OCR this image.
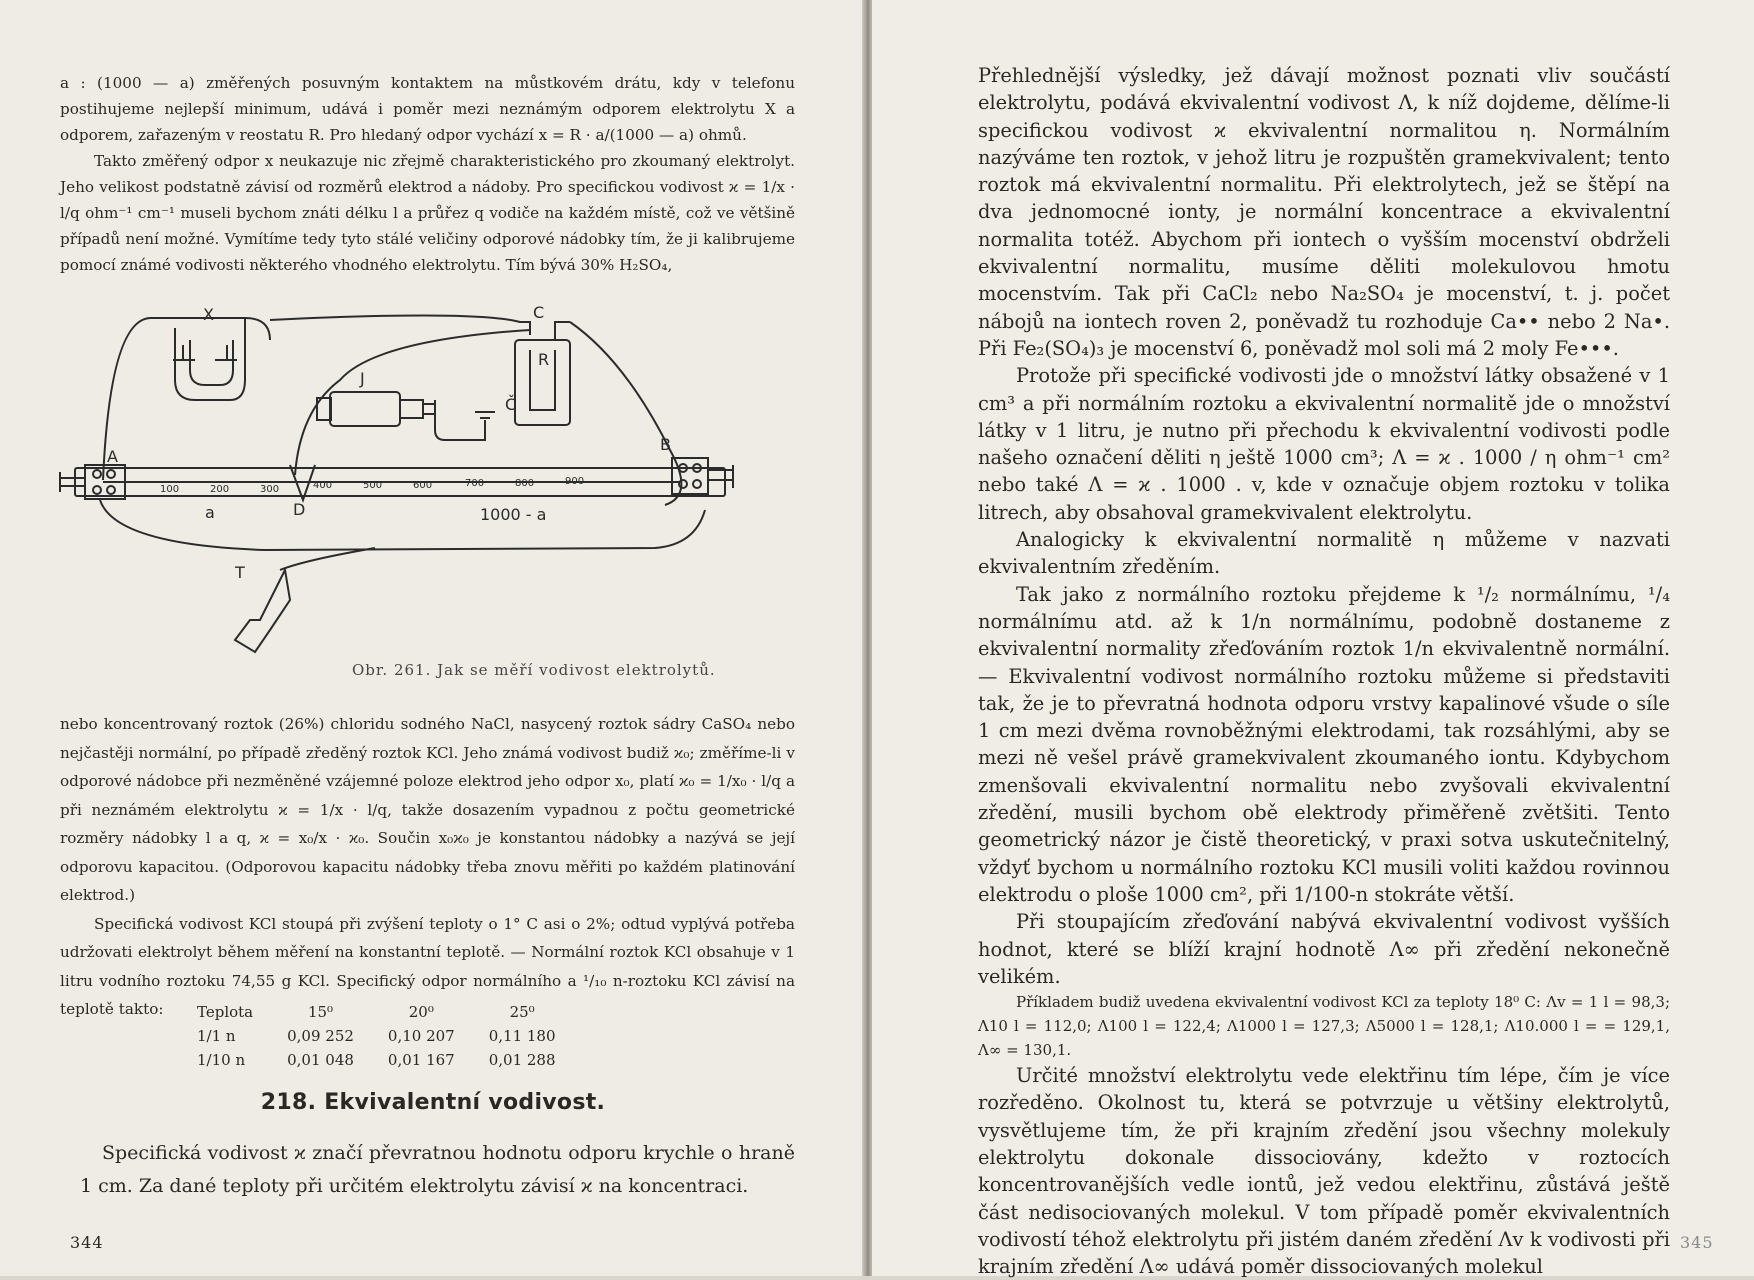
a : (1000 — a) změřených posuvným kontaktem na můstkovém drátu, kdy v telefonu postihujeme nejlepší minimum, udává i poměr mezi neznámým odporem elektrolytu X a odporem, zařazeným v reostatu R. Pro hledaný odpor vychází x = R · a/(1000 — a) ohmů.

Takto změřený odpor x neukazuje nic zřejmě charakteristického pro zkoumaný elektrolyt. Jeho velikost podstatně závisí od rozměrů elektrod a nádoby. Pro specifickou vodivost ϰ = 1/x · l/q ohm⁻¹ cm⁻¹ museli bychom znáti délku l a průřez q vodiče na každém místě, což ve většině případů není možné. Vymítíme tedy tyto stálé veličiny odporové nádobky tím, že ji kalibrujeme pomocí známé vodivosti některého vhodného elektrolytu. Tím bývá 30% H₂SO₄,

100	200	300	400	500	600	700	800	900
X	C
R
J
Č
A
B
D
T
a	1000 - a
Obr. 261. Jak se měří vodivost elektrolytů.

nebo koncentrovaný roztok (26%) chloridu sodného NaCl, nasycený roztok sádry CaSO₄ nebo nejčastěji normální, po případě zředěný roztok KCl. Jeho známá vodivost budiž ϰ₀; změříme-li v odporové nádobce při nezměněné vzájemné poloze elektrod jeho odpor x₀, platí ϰ₀ = 1/x₀ · l/q a při neznámém elektrolytu ϰ = 1/x · l/q, takže dosazením vypadnou z počtu geometrické rozměry nádobky l a q, ϰ = x₀/x · ϰ₀. Součin x₀ϰ₀ je konstantou nádobky a nazývá se její odporovu kapacitou. (Odporovou kapacitu nádobky třeba znovu měřiti po každém platinování elektrod.)

Specifická vodivost KCl stoupá při zvýšení teploty o 1° C asi o 2%; odtud vyplývá potřeba udržovati elektrolyt během měření na konstantní teplotě. — Normální roztok KCl obsahuje v 1 litru vodního roztoku 74,55 g KCl. Specifický odpor normálního a ¹/₁₀ n-roztoku KCl závisí na teplotě takto:	Teplota	15⁰	20⁰	25⁰
1/1 n	0,09 252	0,10 207	0,11 180
1/10 n	0,01 048	0,01 167	0,01 288
218. Ekvivalentní vodivost.

Specifická vodivost ϰ značí převratnou hodnotu odporu krychle o hraně 1 cm. Za dané teploty při určitém elektrolytu závisí ϰ na koncentraci.

344

Přehlednější výsledky, jež dávají možnost poznati vliv součástí elektrolytu, podává ekvivalentní vodivost Λ, k níž dojdeme, dělíme-li specifickou vodivost ϰ ekvivalentní normalitou η. Normálním nazýváme ten roztok, v jehož litru je rozpuštěn gramekvivalent; tento roztok má ekvivalentní normalitu. Při elektrolytech, jež se štěpí na dva jednomocné ionty, je normální koncentrace a ekvivalentní normalita totéž. Abychom při iontech o vyšším mocenství obdrželi ekvivalentní normalitu, musíme děliti molekulovou hmotu mocenstvím. Tak při CaCl₂ nebo Na₂SO₄ je mocenství, t. j. počet nábojů na iontech roven 2, poněvadž tu rozhoduje Ca•• nebo 2 Na•. Při Fe₂(SO₄)₃ je mocenství 6, poněvadž mol soli má 2 moly Fe•••.

Protože při specifické vodivosti jde o množství látky obsažené v 1 cm³ a při normálním roztoku a ekvivalentní normalitě jde o množství látky v 1 litru, je nutno při přechodu k ekvivalentní vodivosti podle našeho označení děliti η ještě 1000 cm³; Λ = ϰ . 1000 / η ohm⁻¹ cm² nebo také Λ = ϰ . 1000 . v, kde v označuje objem roztoku v tolika litrech, aby obsahoval gramekvivalent elektrolytu.

Analogicky k ekvivalentní normalitě η můžeme v nazvati ekvivalentním zředěním.

Tak jako z normálního roztoku přejdeme k ¹/₂ normálnímu, ¹/₄ normálnímu atd. až k 1/n normálnímu, podobně dostaneme z ekvivalentní normality zřeďováním roztok 1/n ekvivalentně normální. — Ekvivalentní vodivost normálního roztoku můžeme si představiti tak, že je to převratná hodnota odporu vrstvy kapalinové všude o síle 1 cm mezi dvěma rovnoběžnými elektrodami, tak rozsáhlými, aby se mezi ně vešel právě gramekvivalent zkoumaného iontu. Kdybychom zmenšovali ekvivalentní normalitu nebo zvyšovali ekvivalentní zředění, musili bychom obě elektrody přiměřeně zvětšiti. Tento geometrický názor je čistě theoretický, v praxi sotva uskutečnitelný, vždyť bychom u normálního roztoku KCl musili voliti každou rovinnou elektrodu o ploše 1000 cm², při 1/100-n stokráte větší.

Při stoupajícím zřeďování nabývá ekvivalentní vodivost vyšších hodnot, které se blíží krajní hodnotě Λ∞ při zředění nekonečně velikém.

Příkladem budiž uvedena ekvivalentní vodivost KCl za teploty 18⁰ C: Λv = 1 l = 98,3; Λ10 l = 112,0; Λ100 l = 122,4; Λ1000 l = 127,3; Λ5000 l = 128,1; Λ10.000 l = = 129,1, Λ∞ = 130,1.

Určité množství elektrolytu vede elektřinu tím lépe, čím je více rozředěno. Okolnost tu, která se potvrzuje u většiny elektrolytů, vysvětlujeme tím, že při krajním zředění jsou všechny molekuly elektrolytu dokonale dissociovány, kdežto v roztocích koncentrovanějších vedle iontů, jež vedou elektřinu, zůstává ještě část nedisociovaných molekul. V tom případě poměr ekvivalentních vodivostí téhož elektrolytu při jistém daném zředění Λv k vodivosti při krajním zředění Λ∞ udává poměr dissociovaných molekul

345
